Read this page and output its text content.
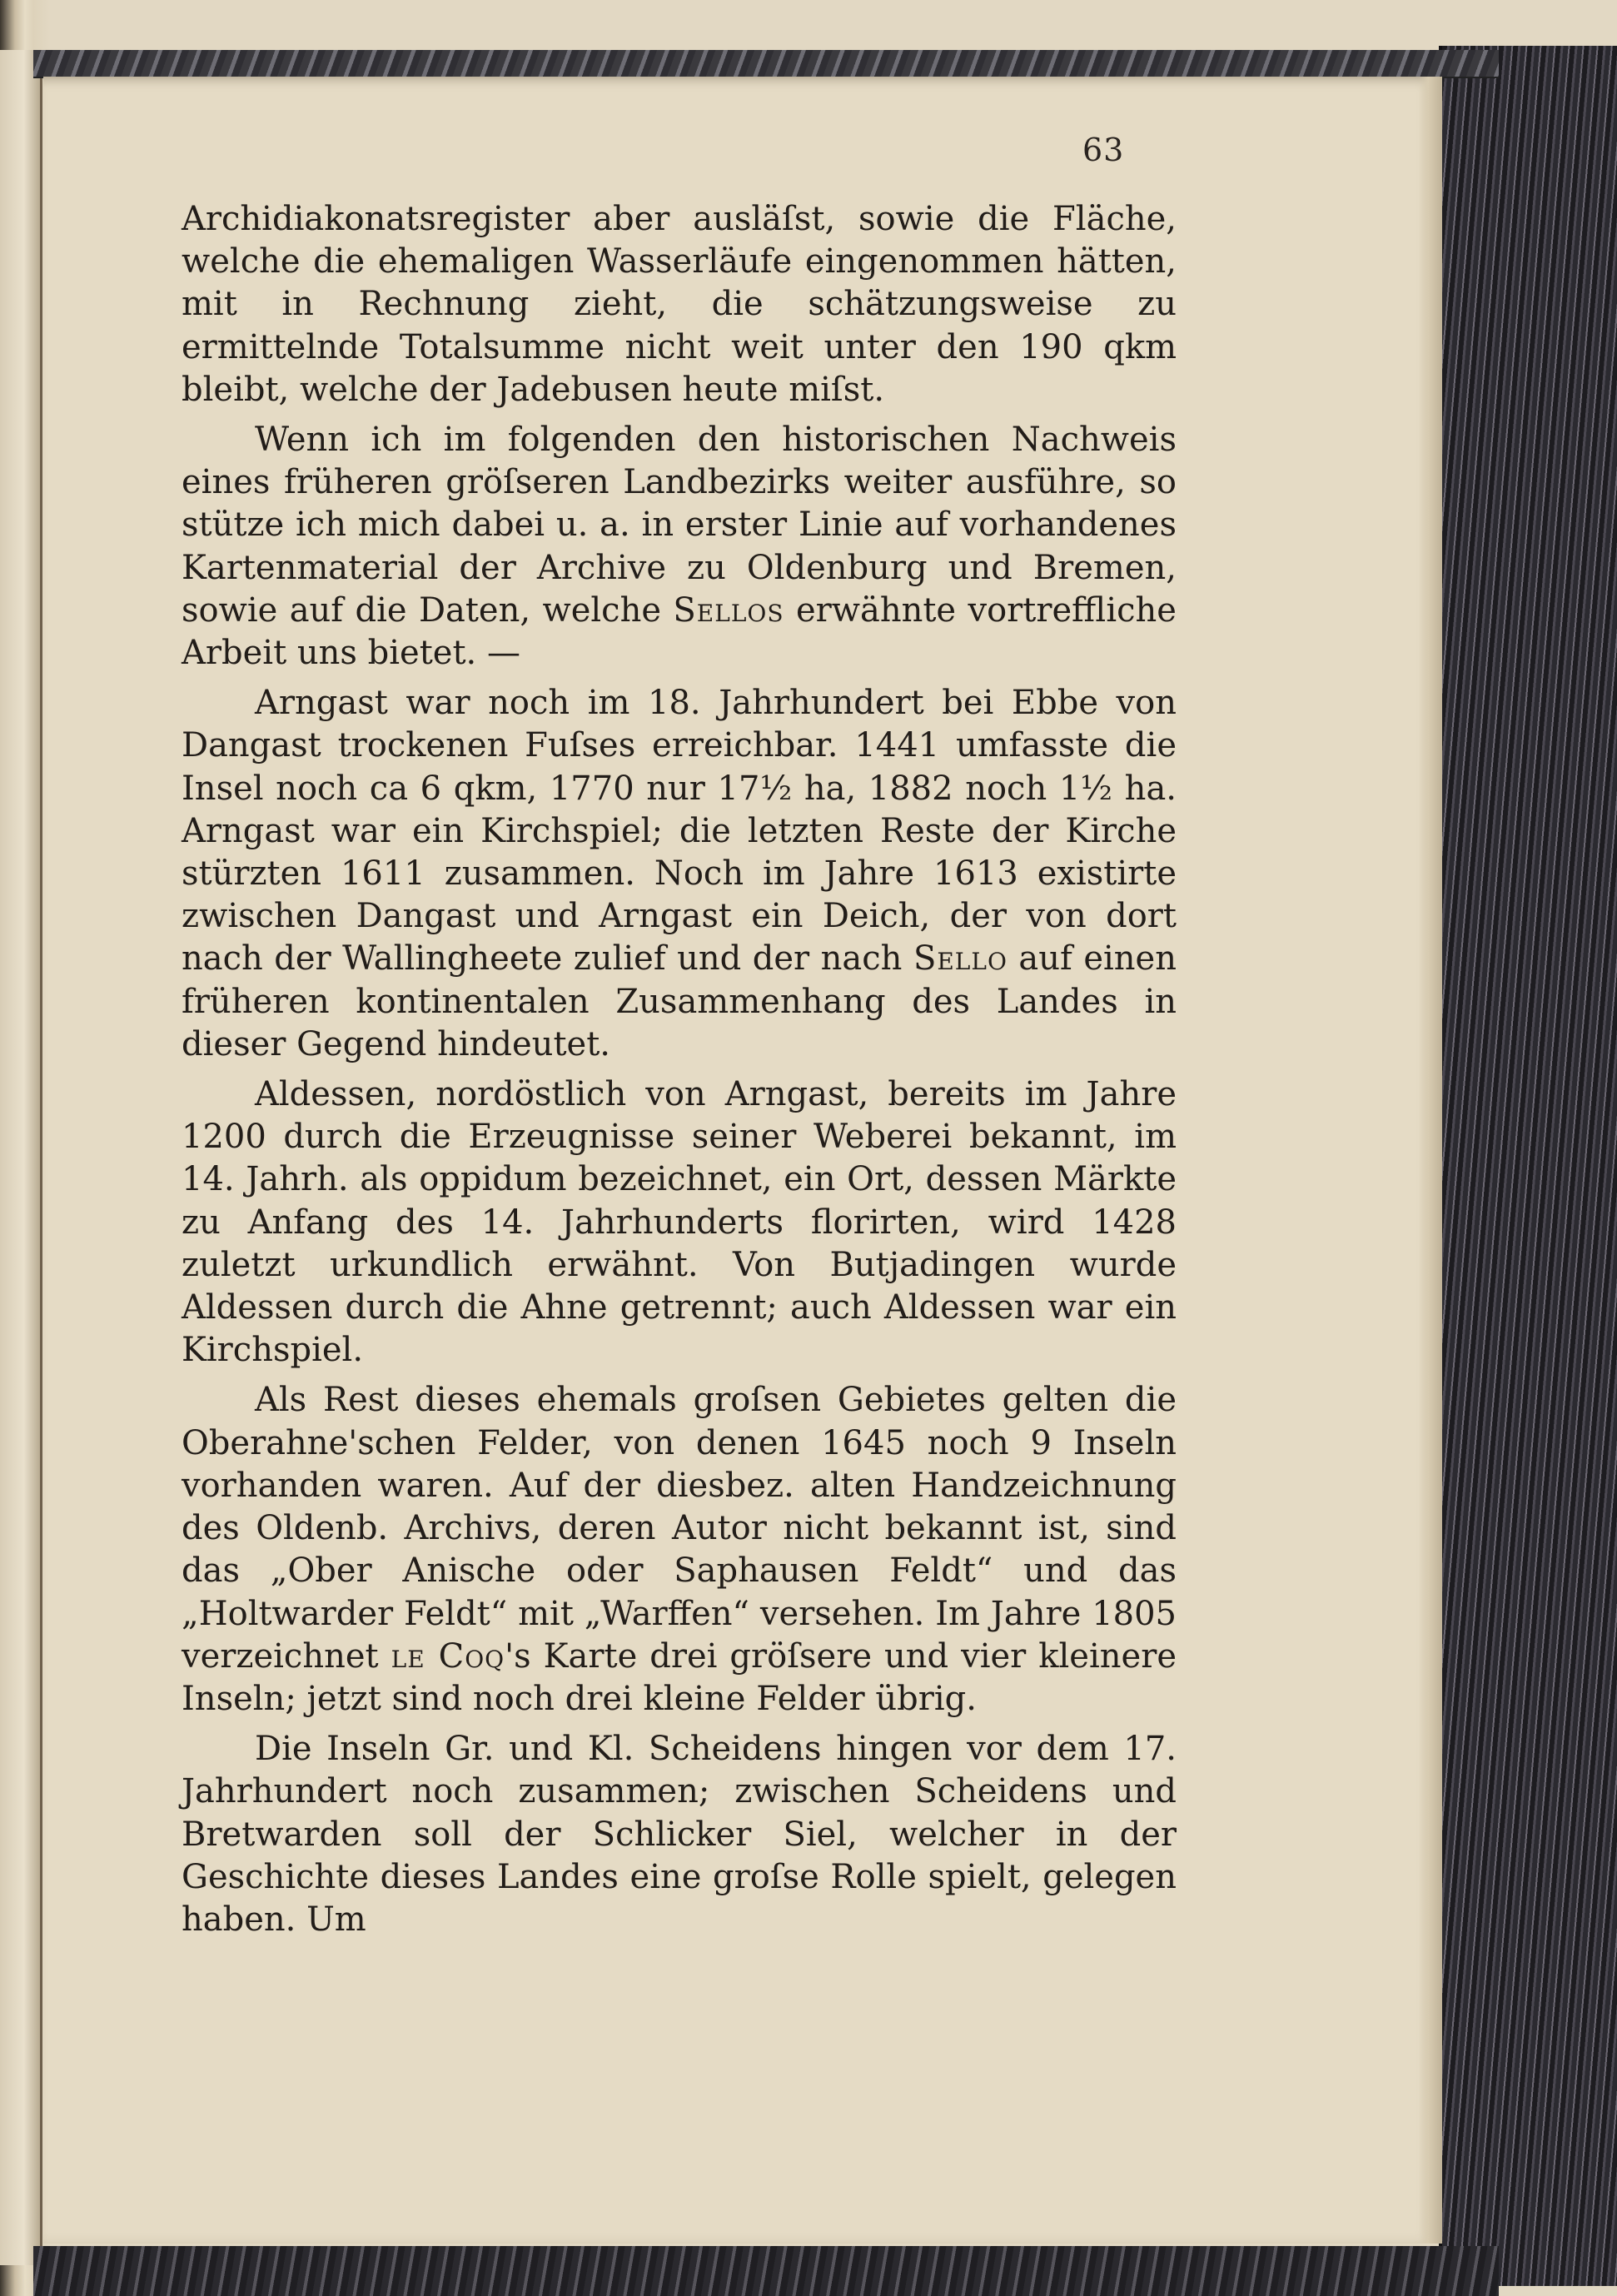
63

Archidiakonatsregister aber ausläſst, sowie die Fläche, welche die ehemaligen Wasserläufe eingenommen hätten, mit in Rechnung zieht, die schätzungsweise zu ermittelnde Totalsumme nicht weit unter den 190 qkm bleibt, welche der Jadebusen heute miſst.

Wenn ich im folgenden den historischen Nachweis eines früheren gröſseren Landbezirks weiter ausführe, so stütze ich mich dabei u. a. in erster Linie auf vorhandenes Kartenmaterial der Archive zu Oldenburg und Bremen, sowie auf die Daten, welche Sellos erwähnte vortreffliche Arbeit uns bietet. —

Arngast war noch im 18. Jahrhundert bei Ebbe von Dangast trockenen Fuſses erreichbar. 1441 umfasste die Insel noch ca 6 qkm, 1770 nur 17½ ha, 1882 noch 1½ ha. Arngast war ein Kirchspiel; die letzten Reste der Kirche stürzten 1611 zusammen. Noch im Jahre 1613 existirte zwischen Dangast und Arngast ein Deich, der von dort nach der Wallingheete zulief und der nach Sello auf einen früheren kontinentalen Zusammenhang des Landes in dieser Gegend hindeutet.

Aldessen, nordöstlich von Arngast, bereits im Jahre 1200 durch die Erzeugnisse seiner Weberei bekannt, im 14. Jahrh. als oppidum bezeichnet, ein Ort, dessen Märkte zu Anfang des 14. Jahrhunderts florirten, wird 1428 zuletzt urkundlich erwähnt. Von Butjadingen wurde Aldessen durch die Ahne getrennt; auch Aldessen war ein Kirchspiel.

Als Rest dieses ehemals groſsen Gebietes gelten die Oberahne'schen Felder, von denen 1645 noch 9 Inseln vorhanden waren. Auf der diesbez. alten Handzeichnung des Oldenb. Archivs, deren Autor nicht bekannt ist, sind das „Ober Anische oder Saphausen Feldt“ und das „Holtwarder Feldt“ mit „Warffen“ versehen. Im Jahre 1805 verzeichnet le Coq's Karte drei gröſsere und vier kleinere Inseln; jetzt sind noch drei kleine Felder übrig.

Die Inseln Gr. und Kl. Scheidens hingen vor dem 17. Jahrhundert noch zusammen; zwischen Scheidens und Bretwarden soll der Schlicker Siel, welcher in der Geschichte dieses Landes eine groſse Rolle spielt, gelegen haben. Um
